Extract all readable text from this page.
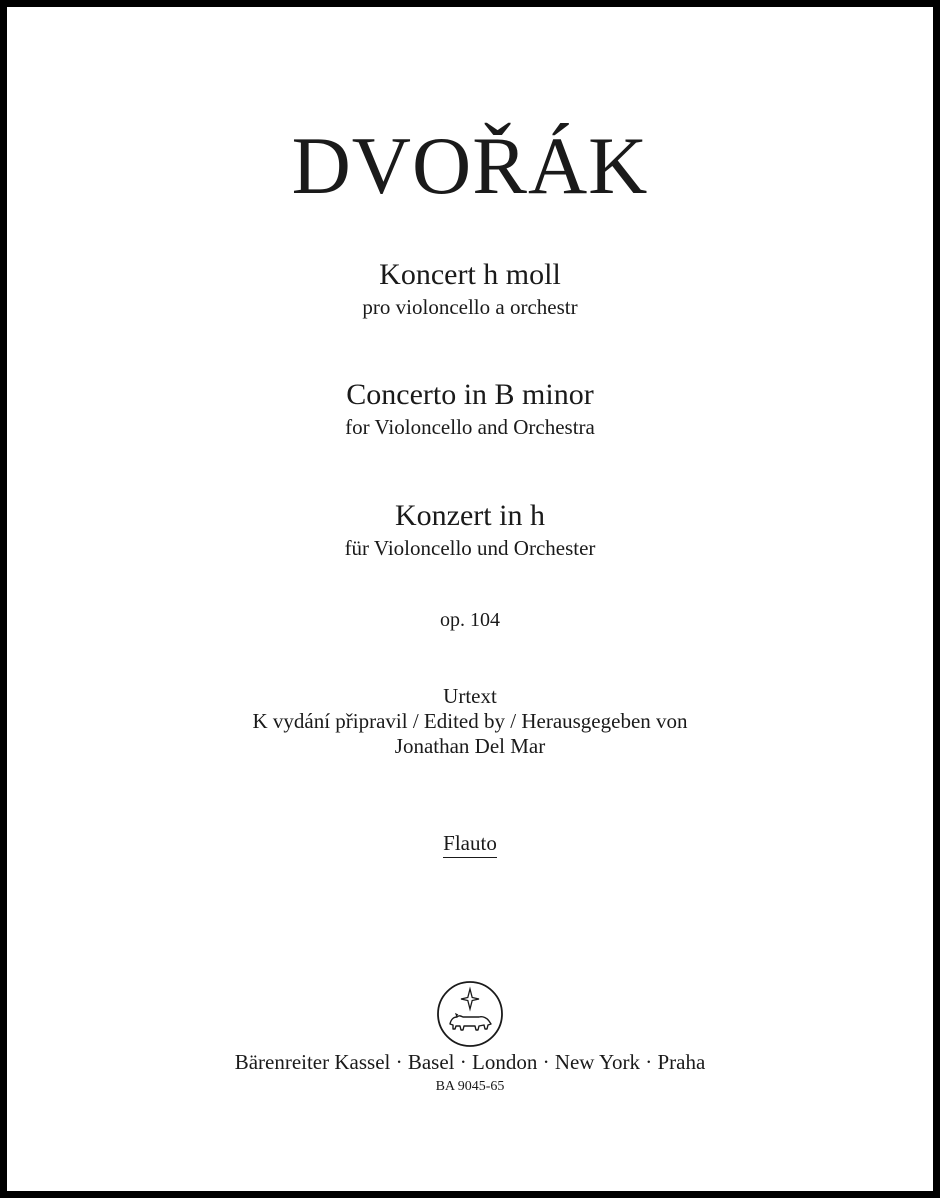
DVOŘÁK
Koncert h moll
pro violoncello a orchestr
Concerto in B minor
for Violoncello and Orchestra
Konzert in h
für Violoncello und Orchester
op. 104
Urtext
K vydání připravil / Edited by / Herausgegeben von
Jonathan Del Mar
Flauto
Bärenreiter Kassel · Basel · London · New York · Praha
BA 9045-65
